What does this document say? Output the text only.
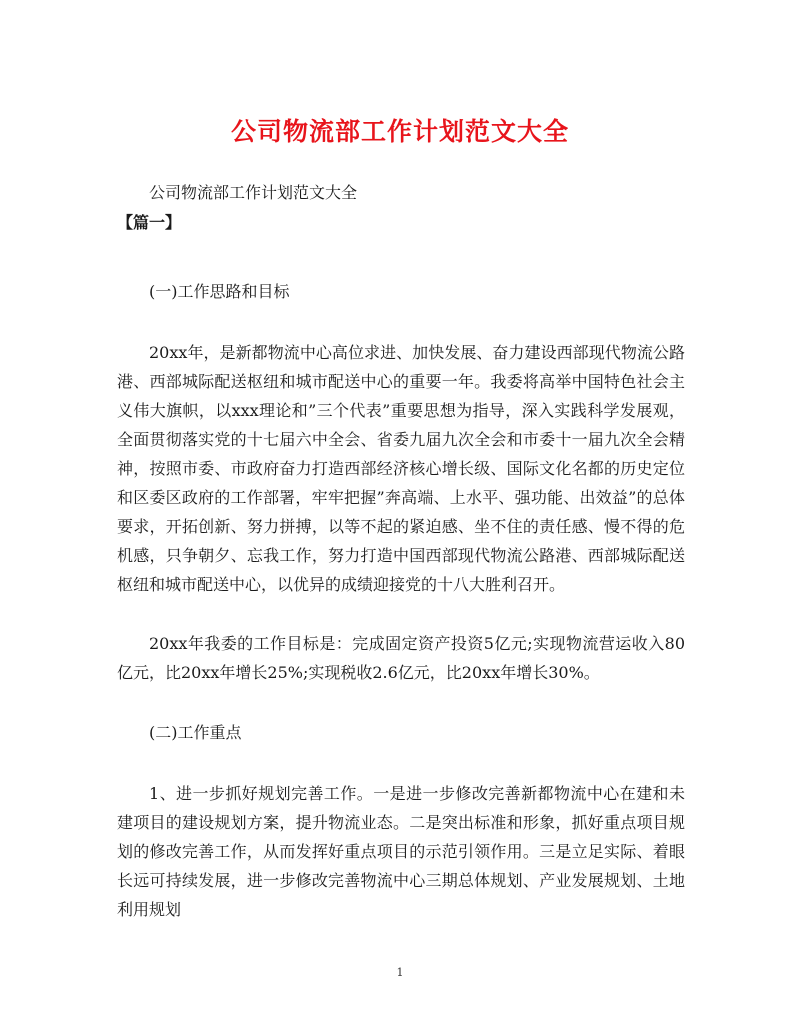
公司物流部工作计划范文大全

公司物流部工作计划范文大全

【篇一】

(一)工作思路和目标

20xx年，是新都物流中心高位求进、加快发展、奋力建设西部现代物流公路港、西部城际配送枢纽和城市配送中心的重要一年。我委将高举中国特色社会主义伟大旗帜，以xxx理论和”三个代表”重要思想为指导，深入实践科学发展观，全面贯彻落实党的十七届六中全会、省委九届九次全会和市委十一届九次全会精神，按照市委、市政府奋力打造西部经济核心增长级、国际文化名都的历史定位和区委区政府的工作部署，牢牢把握”奔高端、上水平、强功能、出效益”的总体要求，开拓创新、努力拼搏，以等不起的紧迫感、坐不住的责任感、慢不得的危机感，只争朝夕、忘我工作，努力打造中国西部现代物流公路港、西部城际配送枢纽和城市配送中心，以优异的成绩迎接党的十八大胜利召开。

20xx年我委的工作目标是：完成固定资产投资5亿元;实现物流营运收入80亿元，比20xx年增长25%;实现税收2.6亿元，比20xx年增长30%。

(二)工作重点

1、进一步抓好规划完善工作。一是进一步修改完善新都物流中心在建和未建项目的建设规划方案，提升物流业态。二是突出标准和形象，抓好重点项目规划的修改完善工作，从而发挥好重点项目的示范引领作用。三是立足实际、着眼长远可持续发展，进一步修改完善物流中心三期总体规划、产业发展规划、土地利用规划

1
